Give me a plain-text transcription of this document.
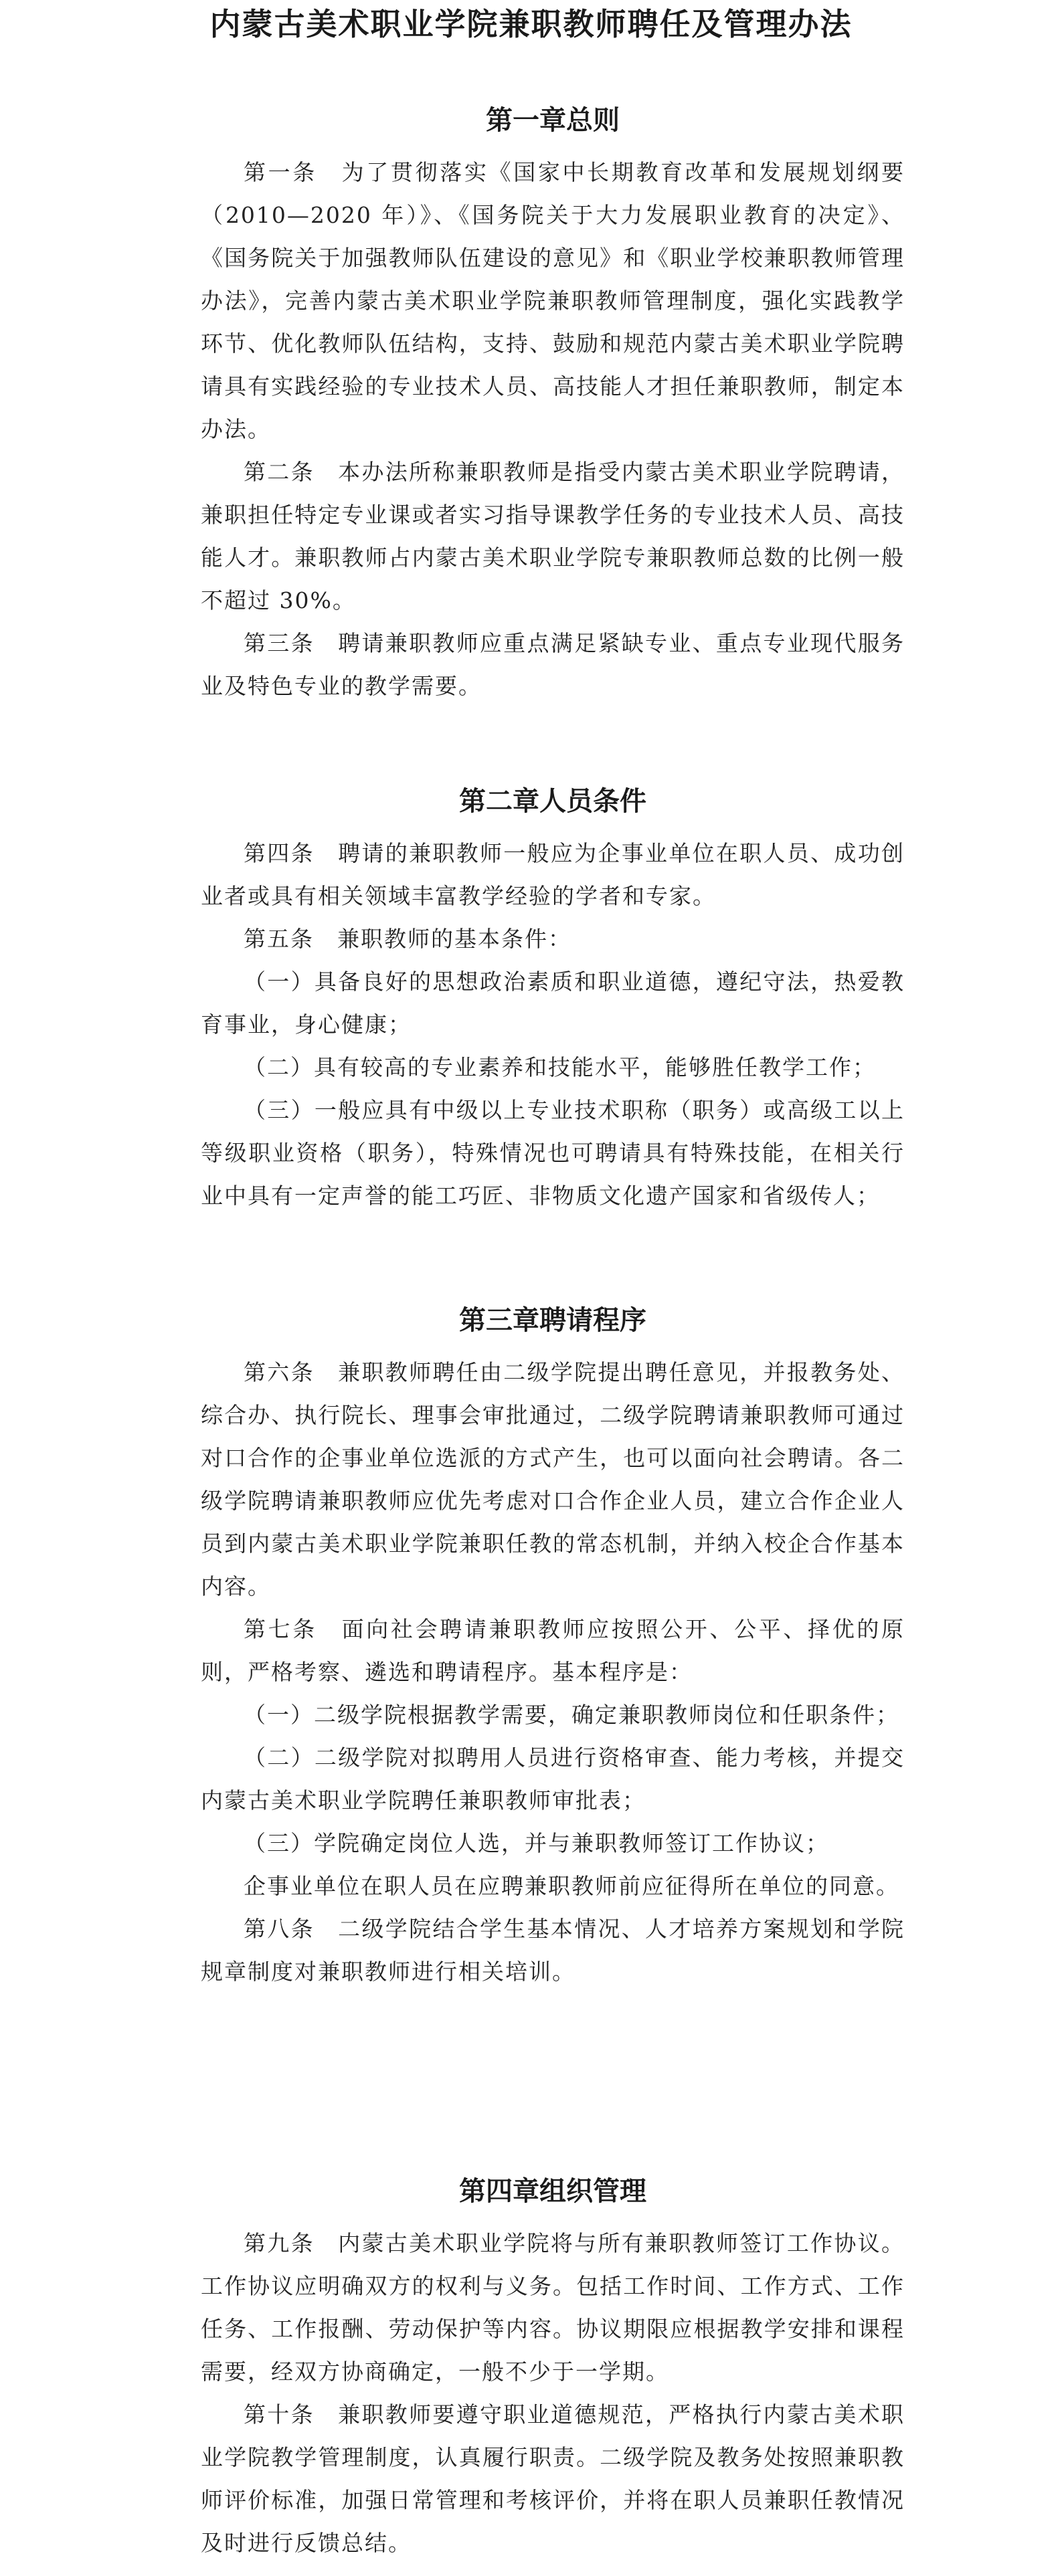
内蒙古美术职业学院兼职教师聘任及管理办法
第一章总则

第一条　为了贯彻落实《国家中长期教育改革和发展规划纲要（2010—2020 年）》、《国务院关于大力发展职业教育的决定》、《国务院关于加强教师队伍建设的意见》和《职业学校兼职教师管理办法》，完善内蒙古美术职业学院兼职教师管理制度，强化实践教学环节、优化教师队伍结构，支持、鼓励和规范内蒙古美术职业学院聘请具有实践经验的专业技术人员、高技能人才担任兼职教师，制定本办法。

第二条　本办法所称兼职教师是指受内蒙古美术职业学院聘请，兼职担任特定专业课或者实习指导课教学任务的专业技术人员、高技能人才。兼职教师占内蒙古美术职业学院专兼职教师总数的比例一般不超过 30%。

第三条　聘请兼职教师应重点满足紧缺专业、重点专业现代服务业及特色专业的教学需要。

第二章人员条件

第四条　聘请的兼职教师一般应为企事业单位在职人员、成功创业者或具有相关领域丰富教学经验的学者和专家。

第五条　兼职教师的基本条件：

（一）具备良好的思想政治素质和职业道德，遵纪守法，热爱教育事业，身心健康；

（二）具有较高的专业素养和技能水平，能够胜任教学工作；

（三）一般应具有中级以上专业技术职称（职务）或高级工以上等级职业资格（职务），特殊情况也可聘请具有特殊技能，在相关行业中具有一定声誉的能工巧匠、非物质文化遗产国家和省级传人；

第三章聘请程序

第六条　兼职教师聘任由二级学院提出聘任意见，并报教务处、综合办、执行院长、理事会审批通过，二级学院聘请兼职教师可通过对口合作的企事业单位选派的方式产生，也可以面向社会聘请。各二级学院聘请兼职教师应优先考虑对口合作企业人员，建立合作企业人员到内蒙古美术职业学院兼职任教的常态机制，并纳入校企合作基本内容。

第七条　面向社会聘请兼职教师应按照公开、公平、择优的原则，严格考察、遴选和聘请程序。基本程序是：

（一）二级学院根据教学需要，确定兼职教师岗位和任职条件；

（二）二级学院对拟聘用人员进行资格审查、能力考核，并提交内蒙古美术职业学院聘任兼职教师审批表；

（三）学院确定岗位人选，并与兼职教师签订工作协议；

企事业单位在职人员在应聘兼职教师前应征得所在单位的同意。

第八条　二级学院结合学生基本情况、人才培养方案规划和学院规章制度对兼职教师进行相关培训。

第四章组织管理

第九条　内蒙古美术职业学院将与所有兼职教师签订工作协议。工作协议应明确双方的权利与义务。包括工作时间、工作方式、工作任务、工作报酬、劳动保护等内容。协议期限应根据教学安排和课程需要，经双方协商确定，一般不少于一学期。

第十条　兼职教师要遵守职业道德规范，严格执行内蒙古美术职业学院教学管理制度，认真履行职责。二级学院及教务处按照兼职教师评价标准，加强日常管理和考核评价，并将在职人员兼职任教情况及时进行反馈总结。
